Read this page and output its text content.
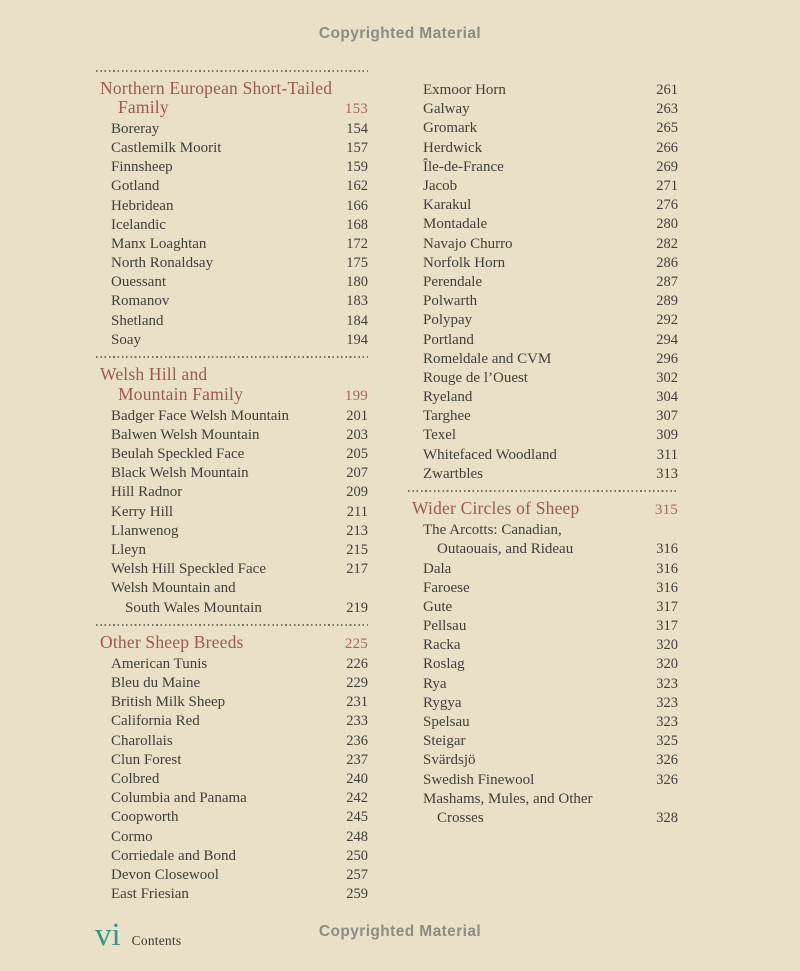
Copyrighted Material
Northern European Short-Tailed
Family	153
Boreray	154
Castlemilk Moorit	157
Finnsheep	159
Gotland	162
Hebridean	166
Icelandic	168
Manx Loaghtan	172
North Ronaldsay	175
Ouessant	180
Romanov	183
Shetland	184
Soay	194
Welsh Hill and
Mountain Family	199
Badger Face Welsh Mountain	201
Balwen Welsh Mountain	203
Beulah Speckled Face	205
Black Welsh Mountain	207
Hill Radnor	209
Kerry Hill	211
Llanwenog	213
Lleyn	215
Welsh Hill Speckled Face	217
Welsh Mountain and
South Wales Mountain	219
Other Sheep Breeds	225
American Tunis	226
Bleu du Maine	229
British Milk Sheep	231
California Red	233
Charollais	236
Clun Forest	237
Colbred	240
Columbia and Panama	242
Coopworth	245
Cormo	248
Corriedale and Bond	250
Devon Closewool	257
East Friesian	259
Exmoor Horn	261
Galway	263
Gromark	265
Herdwick	266
Île-de-France	269
Jacob	271
Karakul	276
Montadale	280
Navajo Churro	282
Norfolk Horn	286
Perendale	287
Polwarth	289
Polypay	292
Portland	294
Romeldale and CVM	296
Rouge de l’Ouest	302
Ryeland	304
Targhee	307
Texel	309
Whitefaced Woodland	311
Zwartbles	313
Wider Circles of Sheep	315
The Arcotts: Canadian,
Outaouais, and Rideau	316
Dala	316
Faroese	316
Gute	317
Pellsau	317
Racka	320
Roslag	320
Rya	323
Rygya	323
Spelsau	323
Steigar	325
Svärdsjö	326
Swedish Finewool	326
Mashams, Mules, and Other
Crosses	328
vi Contents
Copyrighted Material
